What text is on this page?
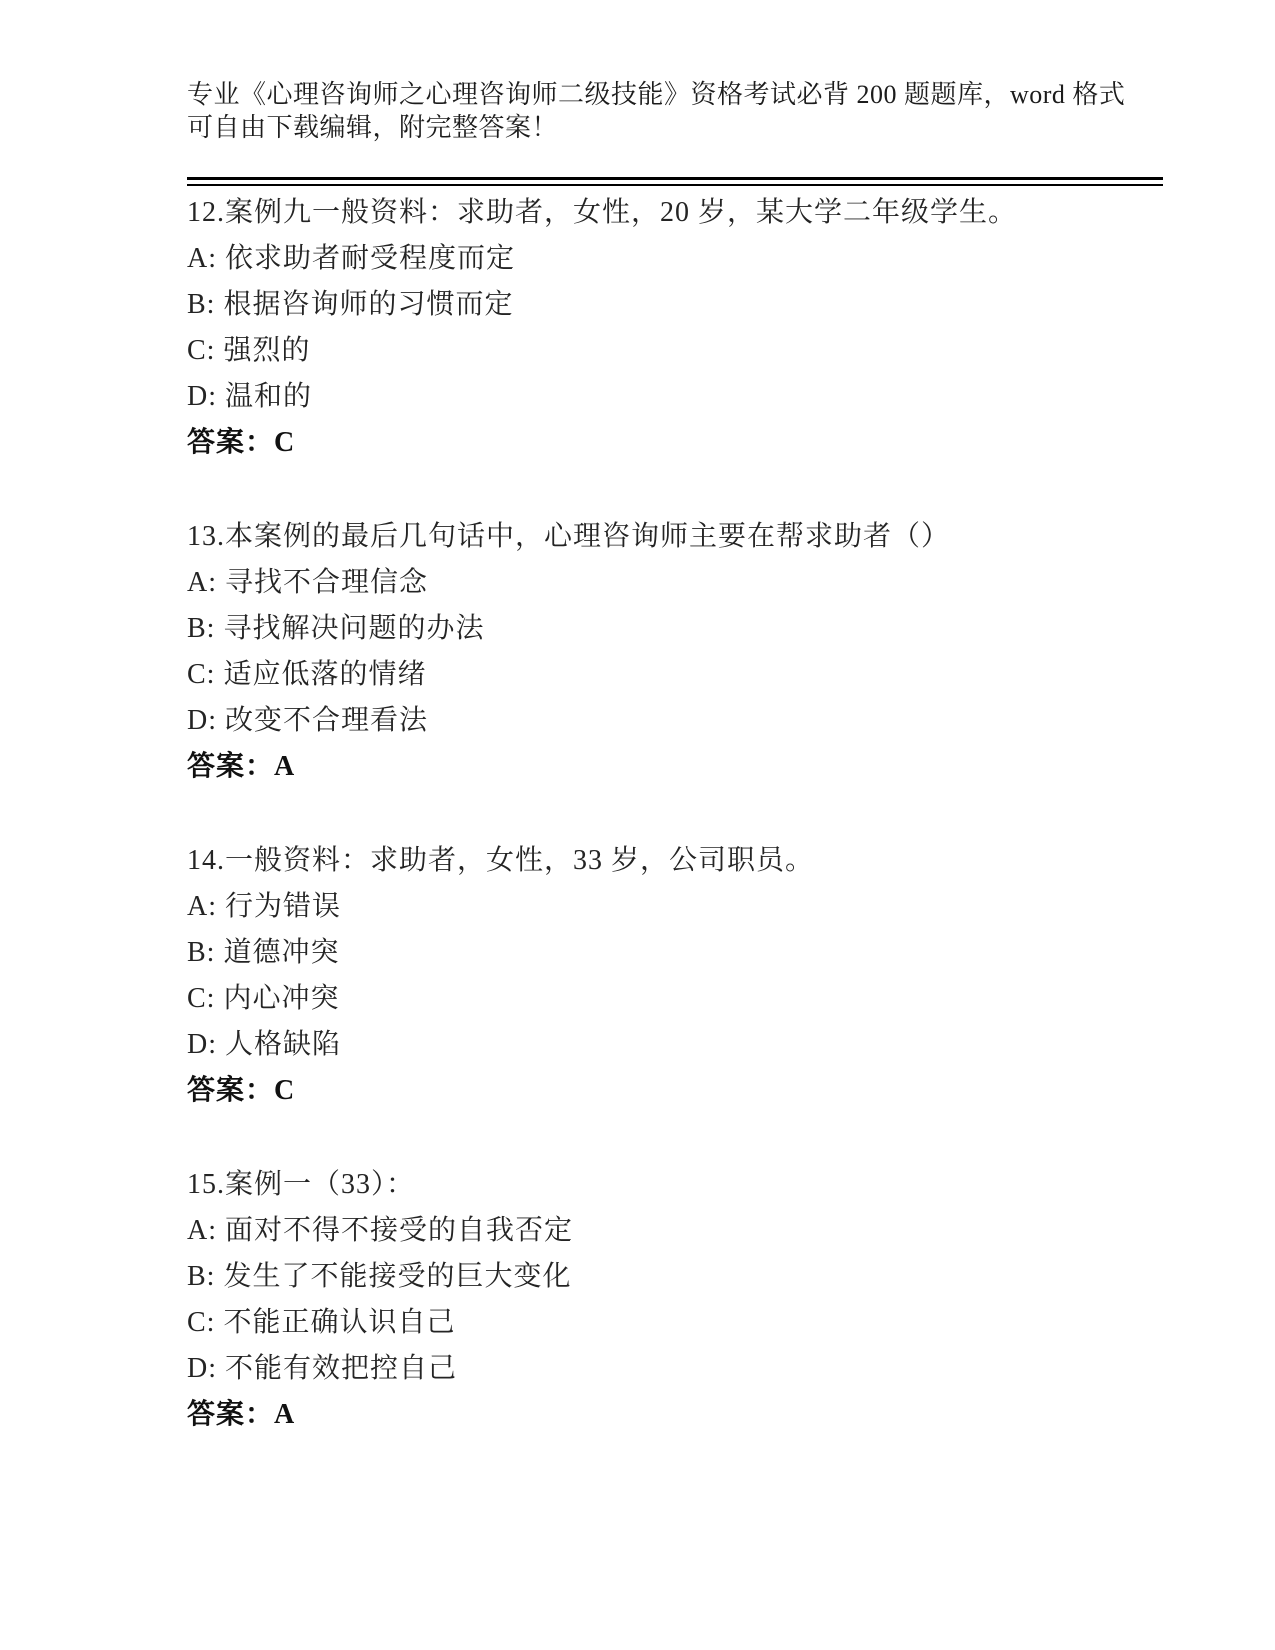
专业《心理咨询师之心理咨询师二级技能》资格考试必背 200 题题库，word 格式
可自由下载编辑，附完整答案！
12.案例九一般资料：求助者，女性，20 岁，某大学二年级学生。
A: 依求助者耐受程度而定
B: 根据咨询师的习惯而定
C: 强烈的
D: 温和的
答案：C
13.本案例的最后几句话中，心理咨询师主要在帮求助者（）
A: 寻找不合理信念
B: 寻找解决问题的办法
C: 适应低落的情绪
D: 改变不合理看法
答案：A
14.一般资料：求助者，女性，33 岁，公司职员。
A: 行为错误
B: 道德冲突
C: 内心冲突
D: 人格缺陷
答案：C
15.案例一（33）：
A: 面对不得不接受的自我否定
B: 发生了不能接受的巨大变化
C: 不能正确认识自己
D: 不能有效把控自己
答案：A
